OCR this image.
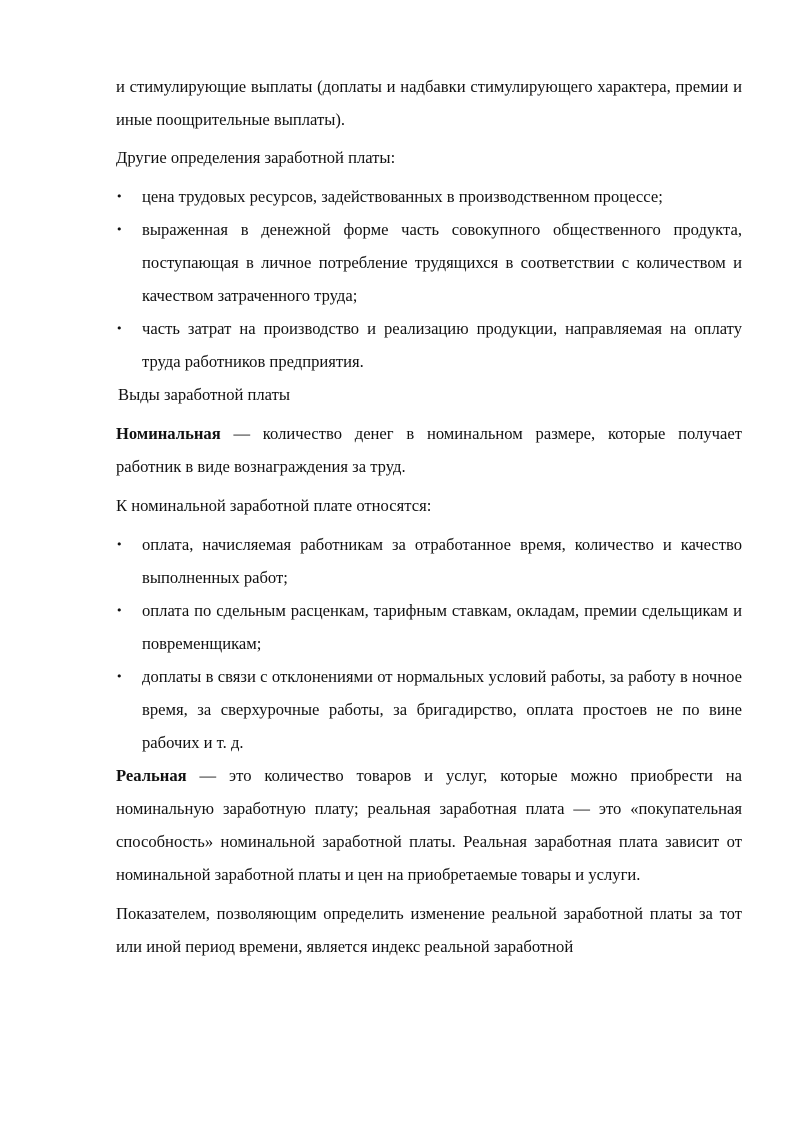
и стимулирующие выплаты (доплаты и надбавки стимулирующего характера, премии и иные поощрительные выплаты).

Другие определения заработной платы:

•	цена трудовых ресурсов, задействованных в производственном процессе;
•	выраженная в денежной форме часть совокупного общественного продукта, поступающая в личное потребление трудящихся в соответствии с количеством и качеством затраченного труда;
•	часть затрат на производство и реализацию продукции, направляемая на оплату труда работников предприятия.

Выды заработной платы

Номинальная — количество денег в номинальном размере, которые получает работник в виде вознаграждения за труд.

К номинальной заработной плате относятся:

•	оплата, начисляемая работникам за отработанное время, количество и качество выполненных работ;
•	оплата по сдельным расценкам, тарифным ставкам, окладам, премии сдельщикам и повременщикам;
•	доплаты в связи с отклонениями от нормальных условий работы, за работу в ночное время, за сверхурочные работы, за бригадирство, оплата простоев не по вине рабочих и т. д.

Реальная — это количество товаров и услуг, которые можно приобрести на номинальную заработную плату; реальная заработная плата — это «покупательная способность» номинальной заработной платы. Реальная заработная плата зависит от номинальной заработной платы и цен на приобретаемые товары и услуги.

Показателем, позволяющим определить изменение реальной заработной платы за тот или иной период времени, является индекс реальной заработной
